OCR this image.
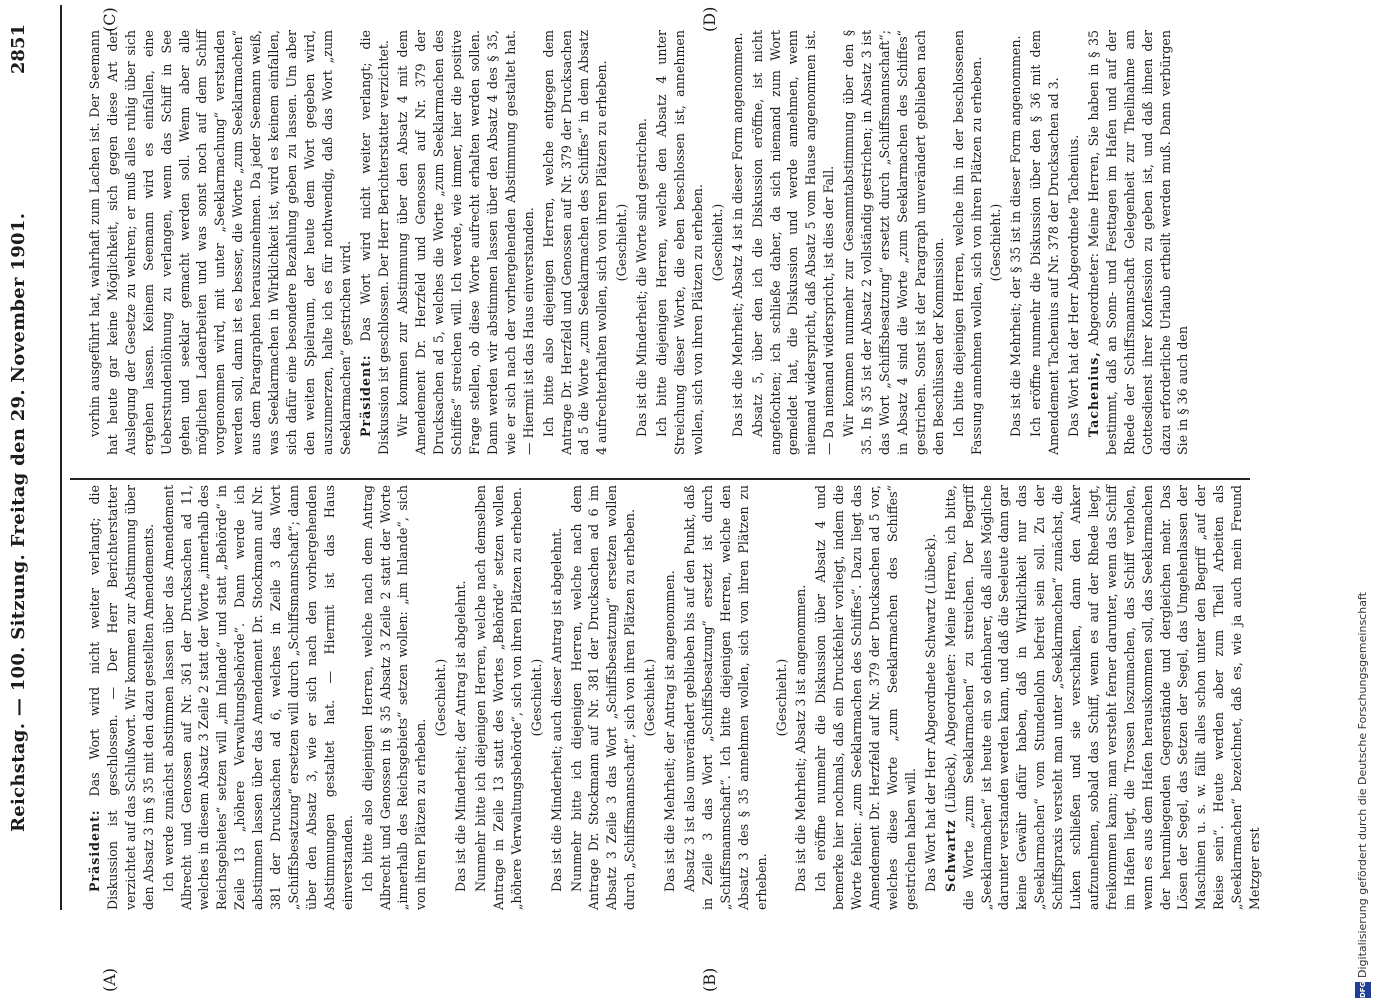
Reichstag. — 100. Sitzung. Freitag den 29. November 1901.
2851
(A)	(B)
(C)	(D)

Präsident: Das Wort wird nicht weiter verlangt; die Diskussion ist geschlossen. — Der Herr Berichterstatter verzichtet auf das Schlußwort. Wir kommen zur Abstimmung über den Absatz 3 im § 35 mit den dazu gestellten Amendements. Ich werde zunächst abstimmen lassen über das Amendement Albrecht und Genossen auf Nr. 361 der Drucksachen ad 11, welches in diesem Absatz 3 Zeile 2 statt der Worte „innerhalb des Reichsgebietes“ setzen will „im Inlande“ und statt „Behörde“ in Zeile 13 „höhere Verwaltungsbehörde“. Dann werde ich abstimmen lassen über das Amendement Dr. Stockmann auf Nr. 381 der Drucksachen ad 6, welches in Zeile 3 das Wort „Schiffsbesatzung“ ersetzen will durch „Schiffsmannschaft“; dann über den Absatz 3, wie er sich nach den vorhergehenden Abstimmungen gestaltet hat. — Hiermit ist das Haus einverstanden. Ich bitte also diejenigen Herren, welche nach dem Antrag Albrecht und Genossen in § 35 Absatz 3 Zeile 2 statt der Worte „innerhalb des Reichsgebiets“ setzen wollen: „im Inlande“, sich von ihren Plätzen zu erheben.

(Geschieht.) Das ist die Minderheit; der Antrag ist abgelehnt. Nunmehr bitte ich diejenigen Herren, welche nach demselben Antrage in Zeile 13 statt des Wortes „Behörde“ setzen wollen „höhere Verwaltungsbehörde“, sich von ihren Plätzen zu erheben. (Geschieht.) Das ist die Minderheit; auch dieser Antrag ist abgelehnt. Nunmehr bitte ich diejenigen Herren, welche nach dem Antrage Dr. Stockmann auf Nr. 381 der Drucksachen ad 6 im Absatz 3 Zeile 3 das Wort „Schiffsbesatzung“ ersetzen wollen durch „Schiffsmannschaft“, sich von ihren Plätzen zu erheben. (Geschieht.) Das ist die Mehrheit; der Antrag ist angenommen. Absatz 3 ist also unverändert geblieben bis auf den Punkt, daß in Zeile 3 das Wort „Schiffsbesatzung“ ersetzt ist durch „Schiffsmannschaft“. Ich bitte diejenigen Herren, welche den Absatz 3 des § 35 annehmen wollen, sich von ihren Plätzen zu erheben.

(Geschieht.) Das ist die Mehrheit; Absatz 3 ist angenommen. Ich eröffne nunmehr die Diskussion über Absatz 4 und bemerke hier nochmals, daß ein Druckfehler vorliegt, indem die Worte fehlen: „zum Seeklarmachen des Schiffes“. Dazu liegt das Amendement Dr. Herzfeld auf Nr. 379 der Drucksachen ad 5 vor, welches diese Worte „zum Seeklarmachen des Schiffes“ gestrichen haben will. Das Wort hat der Herr Abgeordnete Schwartz (Lübeck). Schwartz (Lübeck), Abgeordneter: Meine Herren, ich bitte, die Worte „zum Seeklarmachen“ zu streichen. Der Begriff „Seeklarmachen“ ist heute ein so dehnbarer, daß alles Mögliche darunter verstanden werden kann, und daß die Seeleute dann gar keine Gewähr dafür haben, daß in Wirklichkeit nur das „Seeklarmachen“ vom Stundenlohn befreit sein soll. Zu der Schiffspraxis versteht man unter „Seeklarmachen“ zunächst, die Luken schließen und sie verschalken, dann den Anker aufzunehmen, sobald das Schiff, wenn es auf der Rhede liegt, freikommen kann; man versteht ferner darunter, wenn das Schiff im Hafen liegt, die Trossen loszumachen, das Schiff verholen, wenn es aus dem Hafen herauskommen soll, das Seeklarmachen der herumliegenden Gegenstände und dergleichen mehr. Das Lösen der Segel, das Setzen der Segel, das Umgehenlassen der Maschinen u. s. w. fällt alles schon unter den Begriff „auf der Reise sein“. Heute werden aber zum Theil Arbeiten als „Seeklarmachen“ bezeichnet, daß es, wie ja auch mein Freund Metzger erst

vorhin ausgeführt hat, wahrhaft zum Lachen ist. Der Seemann hat heute gar keine Möglichkeit, sich gegen diese Art der Auslegung der Gesetze zu wehren; er muß alles ruhig über sich ergehen lassen. Keinem Seemann wird es einfallen, eine Ueberstundenlöhnung zu verlangen, wenn das Schiff in See gehen und seeklar gemacht werden soll. Wenn aber alle möglichen Ladearbeiten und was sonst noch auf dem Schiff vorgenommen wird, mit unter „Seeklarmachung“ verstanden werden soll, dann ist es besser, die Worte „zum Seeklarmachen“ aus dem Paragraphen herauszunehmen. Da jeder Seemann weiß, was Seeklarmachen in Wirklichkeit ist, wird es keinem einfallen, sich dafür eine besondere Bezahlung geben zu lassen. Um aber den weiten Spielraum, der heute dem Wort gegeben wird, auszumerzen, halte ich es für nothwendig, daß das Wort „zum Seeklarmachen“ gestrichen wird. Präsident: Das Wort wird nicht weiter verlangt; die Diskussion ist geschlossen. Der Herr Berichterstatter verzichtet. Wir kommen zur Abstimmung über den Absatz 4 mit dem Amendement Dr. Herzfeld und Genossen auf Nr. 379 der Drucksachen ad 5, welches die Worte „zum Seeklarmachen des Schiffes“ streichen will. Ich werde, wie immer, hier die positive Frage stellen, ob diese Worte aufrecht erhalten werden sollen. Dann werden wir abstimmen lassen über den Absatz 4 des § 35, wie er sich nach der vorhergehenden Abstimmung gestaltet hat. — Hiermit ist das Haus einverstanden. Ich bitte also diejenigen Herren, welche entgegen dem Antrage Dr. Herzfeld und Genossen auf Nr. 379 der Drucksachen ad 5 die Worte „zum Seeklarmachen des Schiffes“ in dem Absatz 4 aufrechterhalten wollen, sich von ihren Plätzen zu erheben. (Geschieht.) Das ist die Minderheit; die Worte sind gestrichen. Ich bitte diejenigen Herren, welche den Absatz 4 unter Streichung dieser Worte, die eben beschlossen ist, annehmen wollen, sich von ihren Plätzen zu erheben. (Geschieht.) Das ist die Mehrheit; Absatz 4 ist in dieser Form angenommen. Absatz 5, über den ich die Diskussion eröffne, ist nicht angefochten; ich schließe daher, da sich niemand zum Wort gemeldet hat, die Diskussion und werde annehmen, wenn niemand widerspricht, daß Absatz 5 vom Hause angenommen ist. — Da niemand widerspricht, ist dies der Fall. Wir kommen nunmehr zur Gesammtabstimmung über den § 35. In § 35 ist der Absatz 2 vollständig gestrichen; in Absatz 3 ist das Wort „Schiffsbesatzung“ ersetzt durch „Schiffsmannschaft“; in Absatz 4 sind die Worte „zum Seeklarmachen des Schiffes“ gestrichen. Sonst ist der Paragraph unverändert geblieben nach den Beschlüssen der Kommission. Ich bitte diejenigen Herren, welche ihn in der beschlossenen Fassung annehmen wollen, sich von ihren Plätzen zu erheben. (Geschieht.) Das ist die Mehrheit; der § 35 ist in dieser Form angenommen. Ich eröffne nunmehr die Diskussion über den § 36 mit dem Amendement Tachenius auf Nr. 378 der Drucksachen ad 3. Das Wort hat der Herr Abgeordnete Tachenius. Tachenius, Abgeordneter: Meine Herren, Sie haben in § 35 bestimmt, daß an Sonn- und Festtagen im Hafen und auf der Rhede der Schiffsmannschaft Gelegenheit zur Theilnahme am Gottesdienst ihrer Konfession zu geben ist, und daß ihnen der dazu erforderliche Urlaub ertheilt werden muß. Dann verbürgen Sie in § 36 auch den

DFG
Digitalisierung gefördert durch die Deutsche Forschungsgemeinschaft
